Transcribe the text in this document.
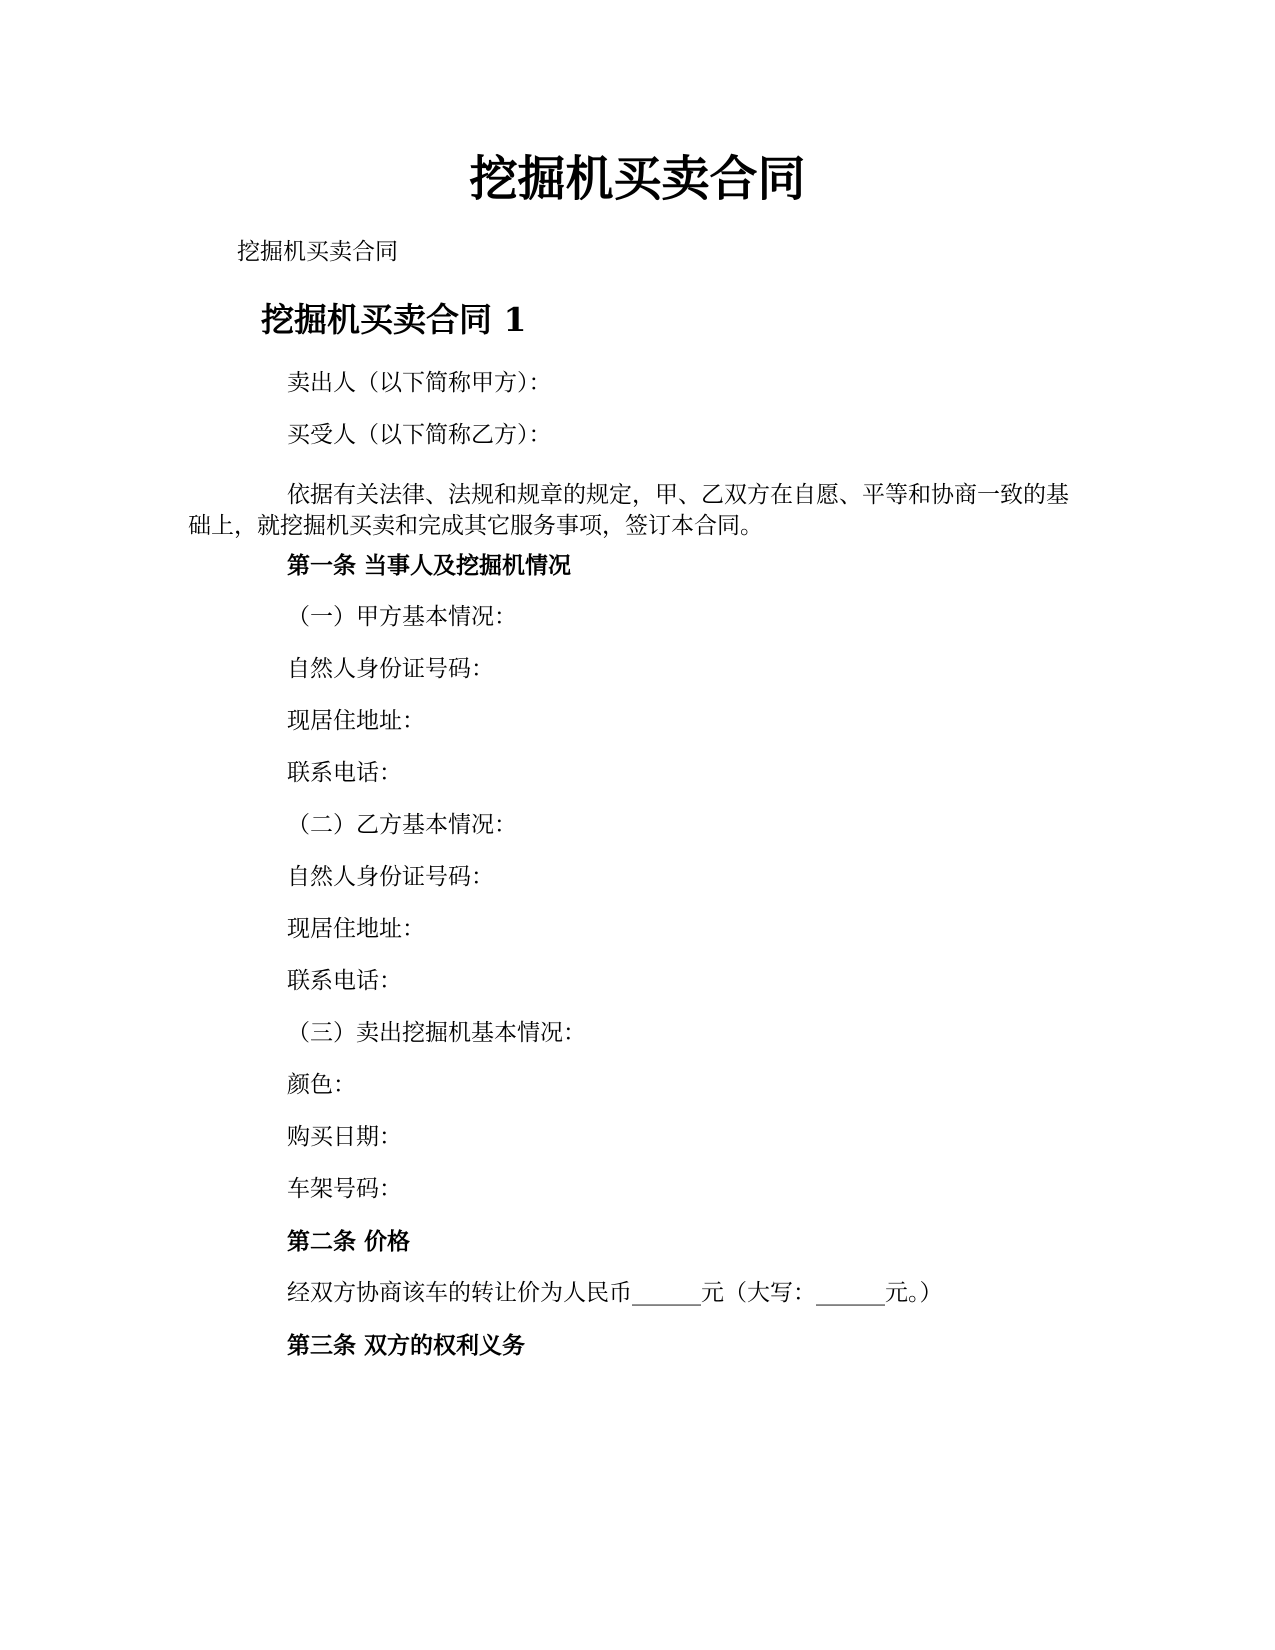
挖掘机买卖合同

挖掘机买卖合同

挖掘机买卖合同 1

卖出人（以下简称甲方）：

买受人（以下简称乙方）：

依据有关法律、法规和规章的规定，甲、乙双方在自愿、平等和协商一致的基础上，就挖掘机买卖和完成其它服务事项，签订本合同。

第一条 当事人及挖掘机情况

（一）甲方基本情况：

自然人身份证号码：

现居住地址：

联系电话：

（二）乙方基本情况：

自然人身份证号码：

现居住地址：

联系电话：

（三）卖出挖掘机基本情况：

颜色：

购买日期：

车架号码：

第二条 价格

经双方协商该车的转让价为人民币______元（大写：______元。）

第三条 双方的权利义务
